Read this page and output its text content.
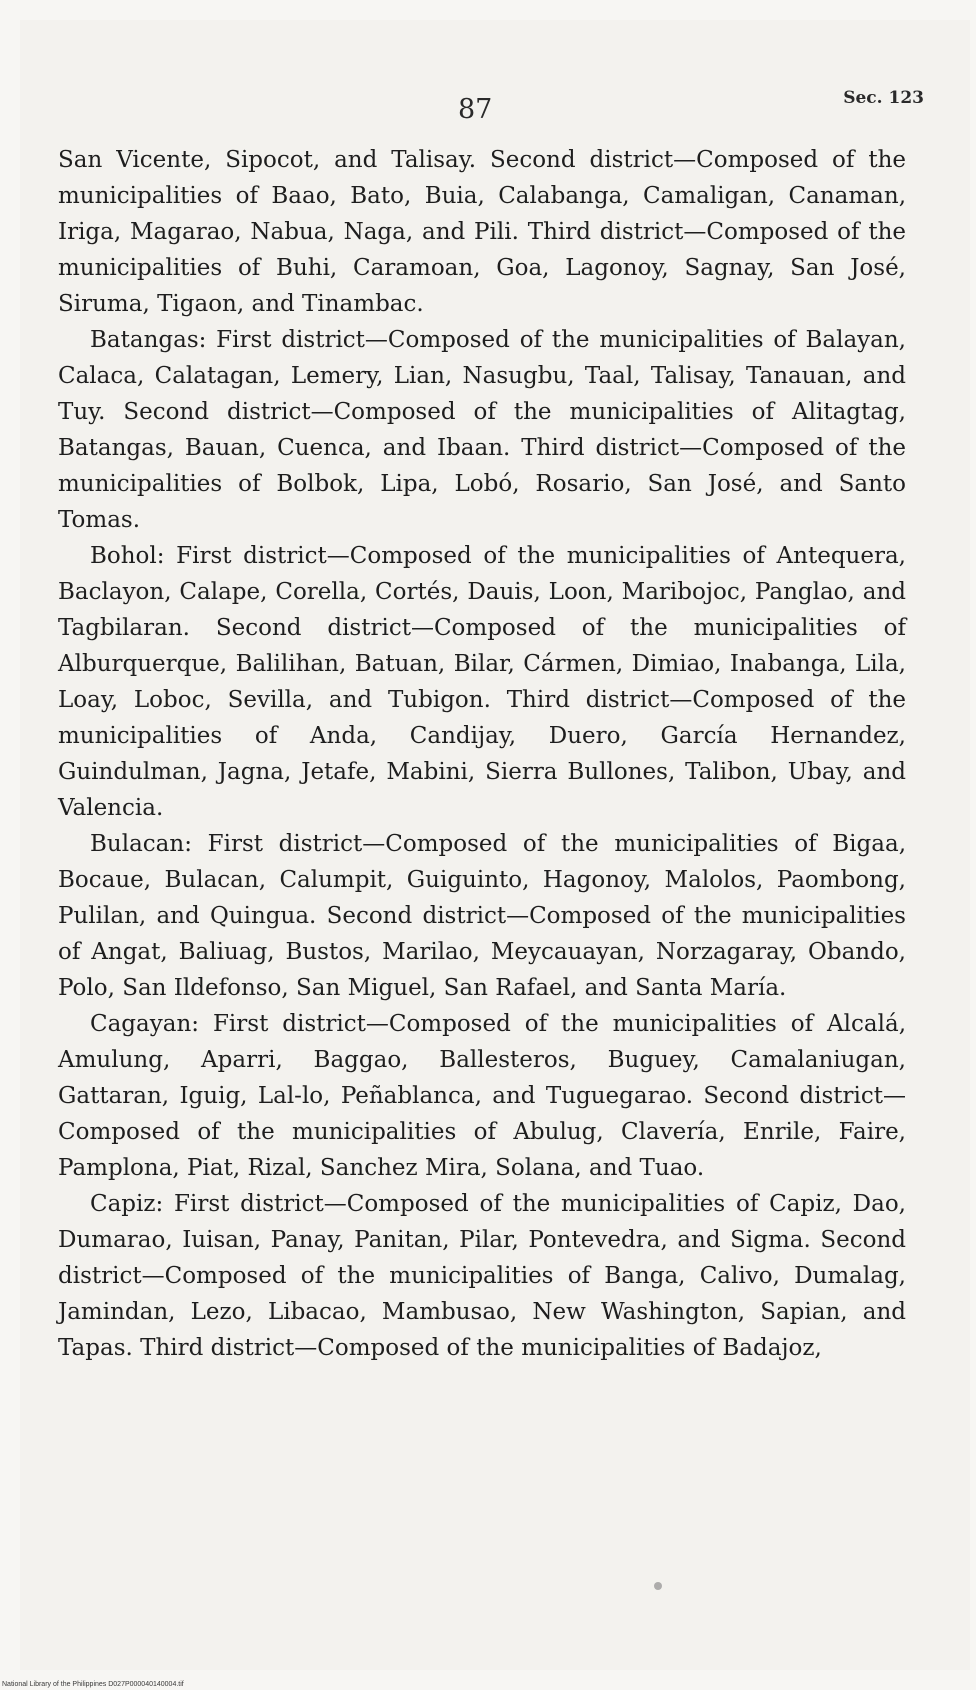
87	Sec. 123

San Vicente, Sipocot, and Talisay. Second district—Composed of the municipalities of Baao, Bato, Buia, Calabanga, Camaligan, Canaman, Iriga, Magarao, Nabua, Naga, and Pili. Third district—Composed of the municipalities of Buhi, Caramoan, Goa, Lagonoy, Sagnay, San José, Siruma, Tigaon, and Tinambac.

Batangas: First district—Composed of the municipalities of Balayan, Calaca, Calatagan, Lemery, Lian, Nasugbu, Taal, Talisay, Tanauan, and Tuy. Second district—Composed of the municipalities of Alitagtag, Batangas, Bauan, Cuenca, and Ibaan. Third district—Composed of the municipalities of Bolbok, Lipa, Lobó, Rosario, San José, and Santo Tomas.

Bohol: First district—Composed of the municipalities of Antequera, Baclayon, Calape, Corella, Cortés, Dauis, Loon, Maribojoc, Panglao, and Tagbilaran. Second district—Composed of the municipalities of Alburquerque, Balilihan, Batuan, Bilar, Cármen, Dimiao, Inabanga, Lila, Loay, Loboc, Sevilla, and Tubigon. Third district—Composed of the municipalities of Anda, Candijay, Duero, García Hernandez, Guindulman, Jagna, Jetafe, Mabini, Sierra Bullones, Talibon, Ubay, and Valencia.

Bulacan: First district—Composed of the municipalities of Bigaa, Bocaue, Bulacan, Calumpit, Guiguinto, Hagonoy, Malolos, Paombong, Pulilan, and Quingua. Second district—Composed of the municipalities of Angat, Baliuag, Bustos, Marilao, Meycauayan, Norzagaray, Obando, Polo, San Ildefonso, San Miguel, San Rafael, and Santa María.

Cagayan: First district—Composed of the municipalities of Alcalá, Amulung, Aparri, Baggao, Ballesteros, Buguey, Camalaniugan, Gattaran, Iguig, Lal-lo, Peñablanca, and Tuguegarao. Second district—Composed of the municipalities of Abulug, Clavería, Enrile, Faire, Pamplona, Piat, Rizal, Sanchez Mira, Solana, and Tuao.

Capiz: First district—Composed of the municipalities of Capiz, Dao, Dumarao, Iuisan, Panay, Panitan, Pilar, Pontevedra, and Sigma. Second district—Composed of the municipalities of Banga, Calivo, Dumalag, Jamindan, Lezo, Libacao, Mambusao, New Washington, Sapian, and Tapas. Third district—Composed of the municipalities of Badajoz,

National Library of the Philippines D027P000040140004.tif
